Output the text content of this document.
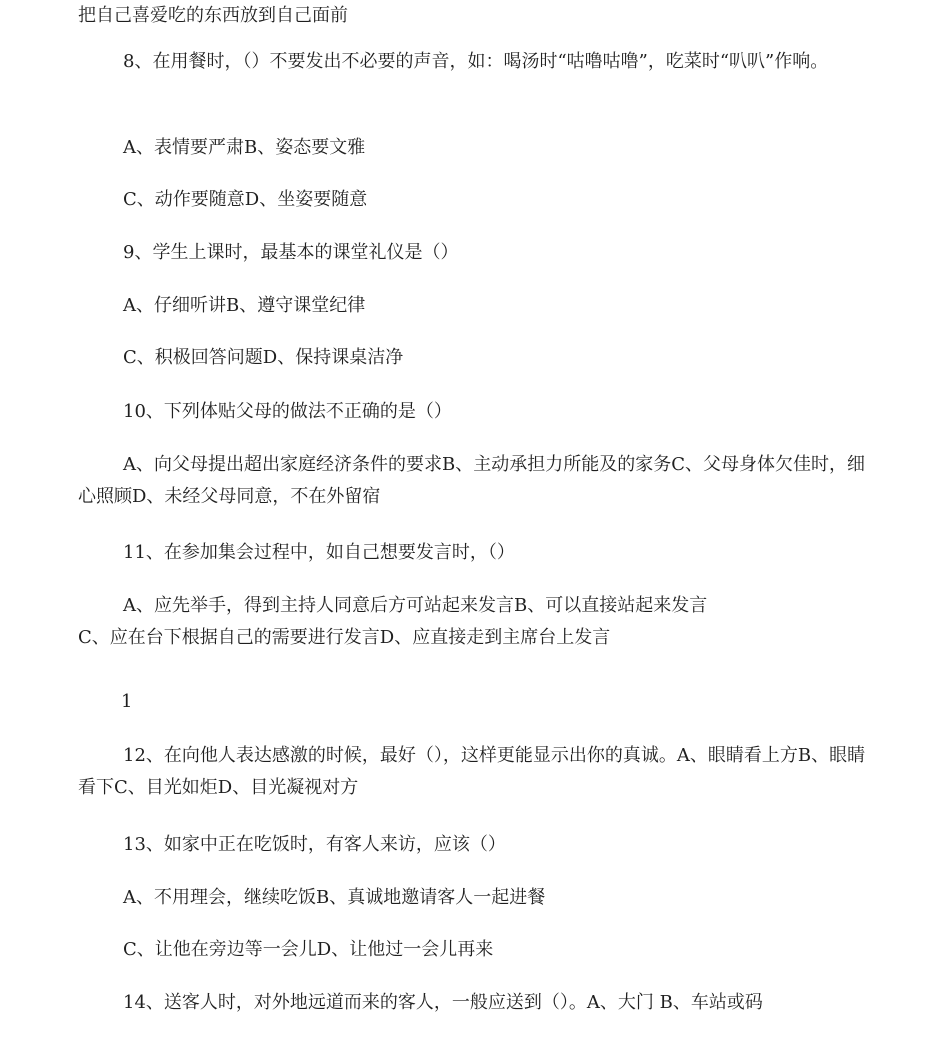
把自己喜爱吃的东西放到自己面前

8、在用餐时，（）不要发出不必要的声音，如：喝汤时“咕噜咕噜”，吃菜时“叭叭”作响。

A、表情要严肃B、姿态要文雅

C、动作要随意D、坐姿要随意

9、学生上课时，最基本的课堂礼仪是（）

A、仔细听讲B、遵守课堂纪律

C、积极回答问题D、保持课桌洁净

10、下列体贴父母的做法不正确的是（）

A、向父母提出超出家庭经济条件的要求B、主动承担力所能及的家务C、父母身体欠佳时，细心照顾D、未经父母同意，不在外留宿

11、在参加集会过程中，如自己想要发言时，（）

A、应先举手，得到主持人同意后方可站起来发言B、可以直接站起来发言

C、应在台下根据自己的需要进行发言D、应直接走到主席台上发言

1

12、在向他人表达感激的时候，最好（），这样更能显示出你的真诚。A、眼睛看上方B、眼睛看下C、目光如炬D、目光凝视对方

13、如家中正在吃饭时，有客人来访，应该（）

A、不用理会，继续吃饭B、真诚地邀请客人一起进餐

C、让他在旁边等一会儿D、让他过一会儿再来

14、送客人时，对外地远道而来的客人，一般应送到（）。A、大门 B、车站或码
